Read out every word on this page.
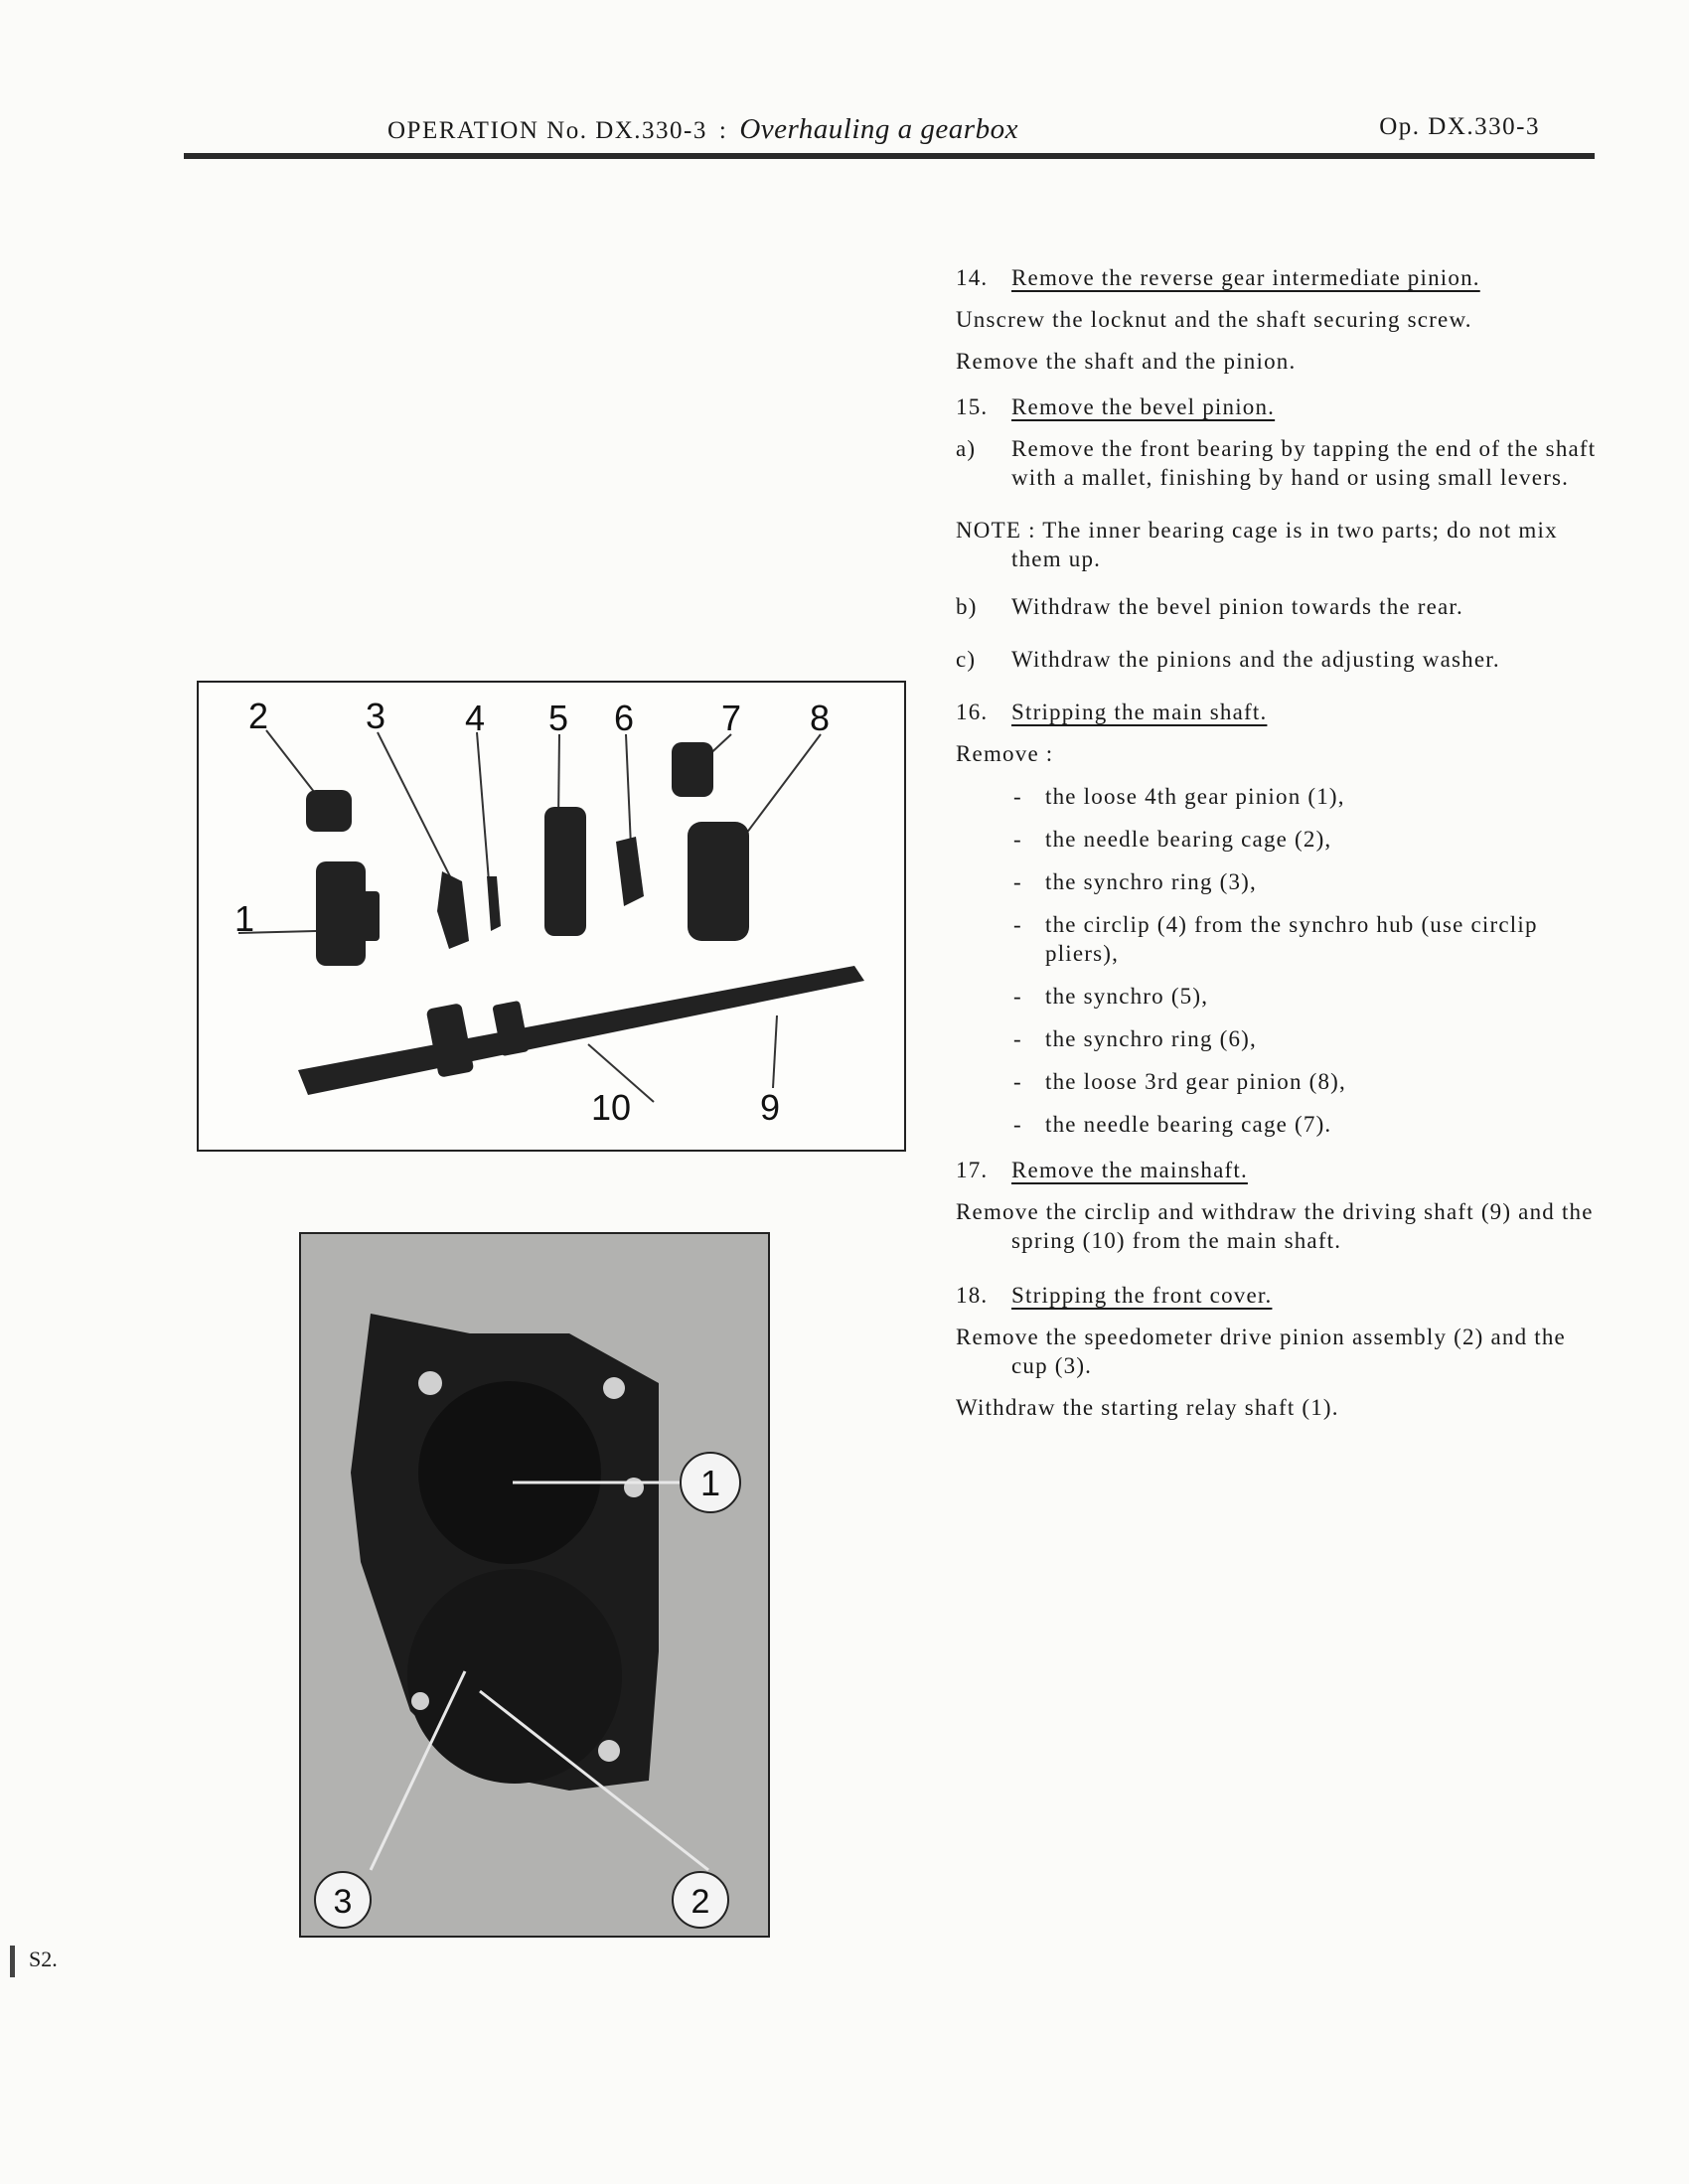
OPERATION No. DX.330-3 : Overhauling a gearbox	Op. DX.330-3
14. Remove the reverse gear intermediate pinion.
Unscrew the locknut and the shaft securing screw.
Remove the shaft and the pinion.
15. Remove the bevel pinion.
a)	Remove the front bearing by tapping the end of the shaft with a mallet, finishing by hand or using small levers.
NOTE : The inner bearing cage is in two parts; do not mix them up.
b)	Withdraw the bevel pinion towards the rear.
c)	Withdraw the pinions and the adjusting washer.
16. Stripping the main shaft.
Remove :
-	the loose 4th gear pinion (1),
-	the needle bearing cage (2),
-	the synchro ring (3),
-	the circlip (4) from the synchro hub (use circlip pliers),
-	the synchro (5),
-	the synchro ring (6),
-	the loose 3rd gear pinion (8),
-	the needle bearing cage (7).
17. Remove the mainshaft.
Remove the circlip and withdraw the driving shaft (9) and the spring (10) from the main shaft.
18. Stripping the front cover.
Remove the speedometer drive pinion assembly (2) and the cup (3).
Withdraw the starting relay shaft (1).
1
2	3 4 5 6 7 8
9
10
1
2
3
S2.
